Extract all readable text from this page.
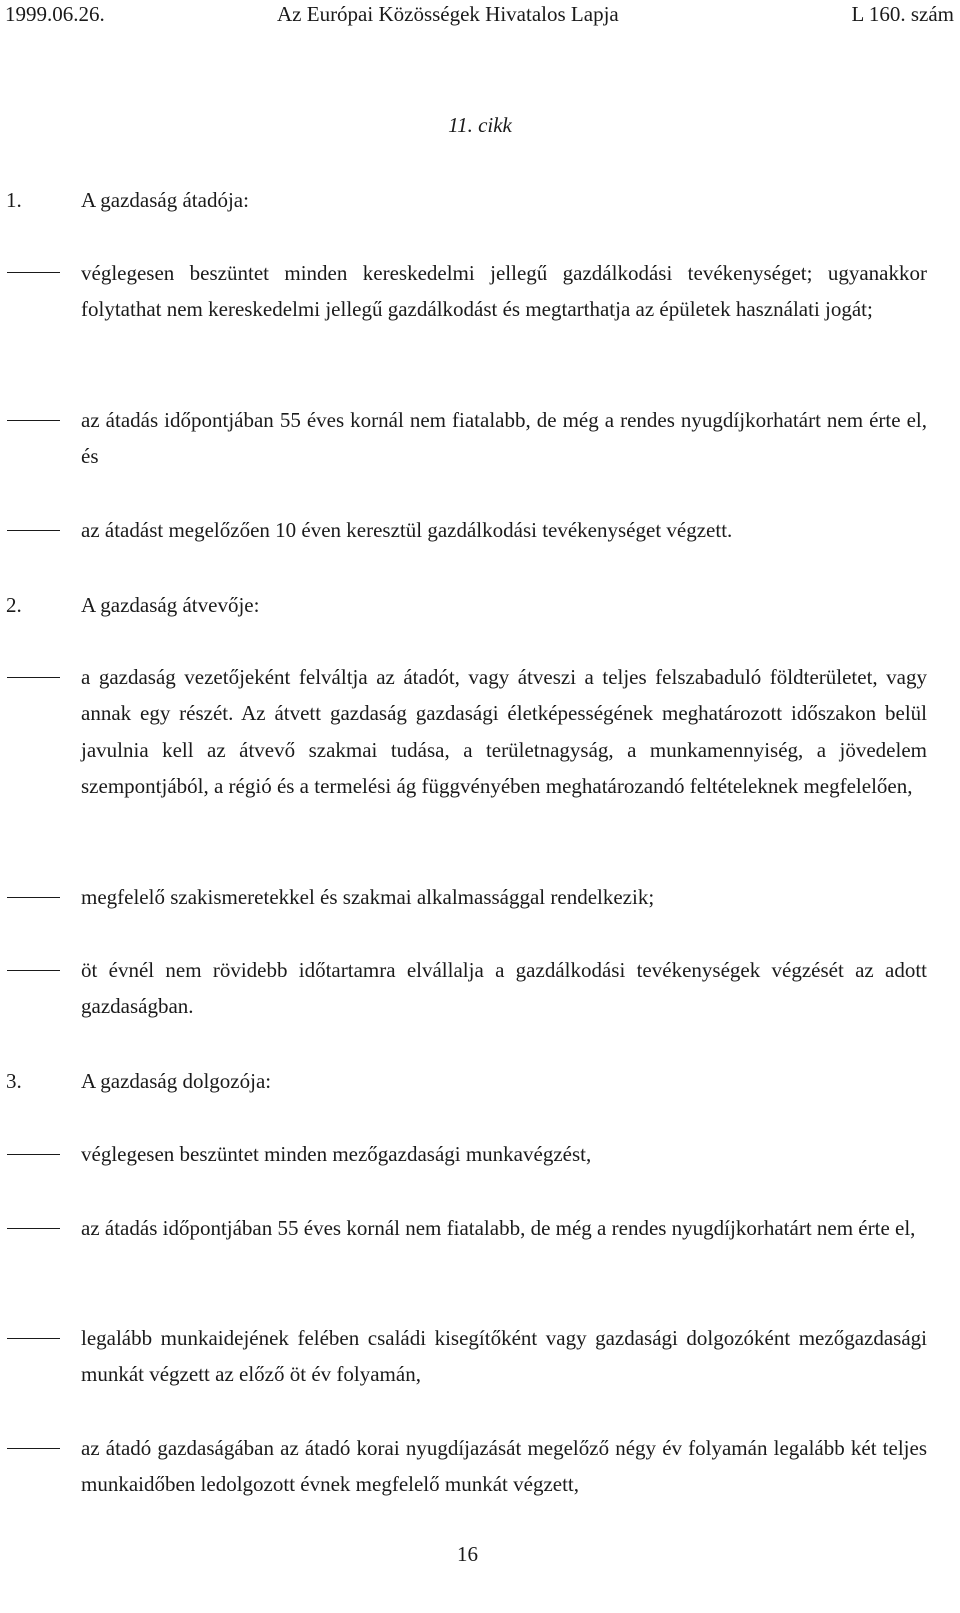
1999.06.26.	Az Európai Közösségek Hivatalos Lapja	L 160. szám
11. cikk
1.	A gazdaság átadója:
véglegesen beszüntet minden kereskedelmi jellegű gazdálkodási tevékenységet; ugyanakkor folytathat nem kereskedelmi jellegű gazdálkodást és megtarthatja az épületek használati jogát;
az átadás időpontjában 55 éves kornál nem fiatalabb, de még a rendes nyugdíjkorhatárt nem érte el, és
az átadást megelőzően 10 éven keresztül gazdálkodási tevékenységet végzett.
2.	A gazdaság átvevője:
a gazdaság vezetőjeként felváltja az átadót, vagy átveszi a teljes felszabaduló földterületet, vagy annak egy részét. Az átvett gazdaság gazdasági életképességének meghatározott időszakon belül javulnia kell az átvevő szakmai tudása, a területnagyság, a munkamennyiség, a jövedelem szempontjából, a régió és a termelési ág függvényében meghatározandó feltételeknek megfelelően,
megfelelő szakismeretekkel és szakmai alkalmassággal rendelkezik;
öt évnél nem rövidebb időtartamra elvállalja a gazdálkodási tevékenységek végzését az adott gazdaságban.
3.	A gazdaság dolgozója:
véglegesen beszüntet minden mezőgazdasági munkavégzést,
az átadás időpontjában 55 éves kornál nem fiatalabb, de még a rendes nyugdíjkorhatárt nem érte el,
legalább munkaidejének felében családi kisegítőként vagy gazdasági dolgozóként mezőgazdasági munkát végzett az előző öt év folyamán,
az átadó gazdaságában az átadó korai nyugdíjazását megelőző négy év folyamán legalább két teljes munkaidőben ledolgozott évnek megfelelő munkát végzett,
16
